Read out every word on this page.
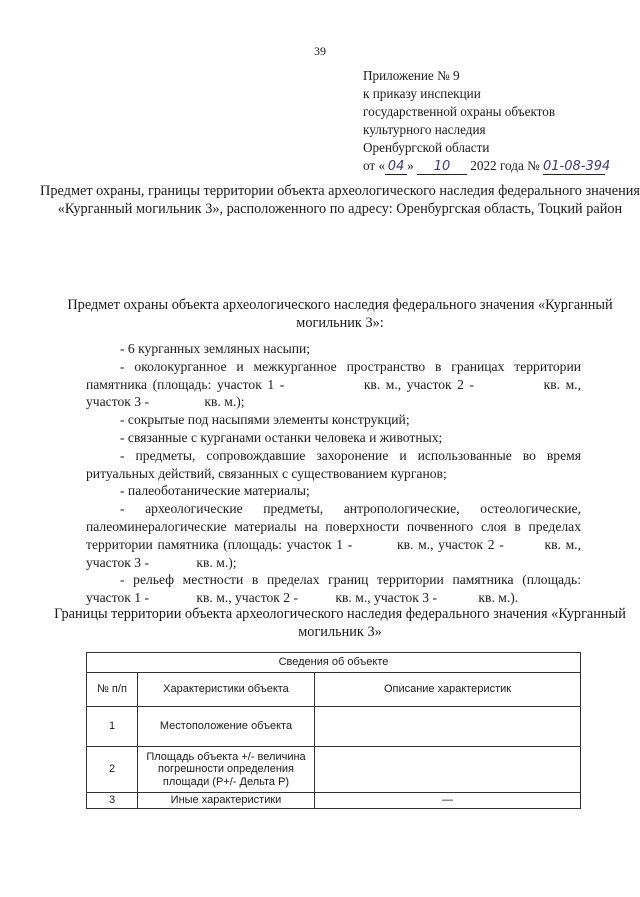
39
Приложение № 9
к приказу инспекции
государственной охраны объектов
культурного наследия
Оренбургской области
от « 04 » 10 2022 года № 01-08-394
Предмет охраны, границы территории объекта археологического наследия федерального значения «Курганный могильник 3», расположенного по адресу: Оренбургская область, Тоцкий район
Предмет охраны объекта археологического наследия федерального значения «Курганный могильник 3»:

- 6 курганных земляных насыпи;

- околокурганное и межкурганное пространство в границах территории памятника (площадь: участок 1 -	кв. м., участок 2 -	кв. м., участок 3 -	кв. м.);

- сокрытые под насыпями элементы конструкций;

- связанные с курганами останки человека и животных;

- предметы, сопровождавшие захоронение и использованные во время ритуальных действий, связанных с существованием курганов;

- палеоботанические материалы;

- археологические предметы, антропологические, остеологические, палеоминералогические материалы на поверхности почвенного слоя в пределах территории памятника (площадь: участок 1 -	кв. м., участок 2 -	кв. м., участок 3 -	кв. м.);

- рельеф местности в пределах границ территории памятника (площадь: участок 1 -	кв. м., участок 2 -	кв. м., участок 3 -	кв. м.).

Границы территории объекта археологического наследия федерального значения «Курганный могильник 3»
Сведения об объекте		
№ п/п	Характеристики объекта	Описание характеристик
1	Местоположение объекта	
2	Площадь объекта +/- величина погрешности определения площади (Р+/- Дельта Р)	
3	Иные характеристики	—
